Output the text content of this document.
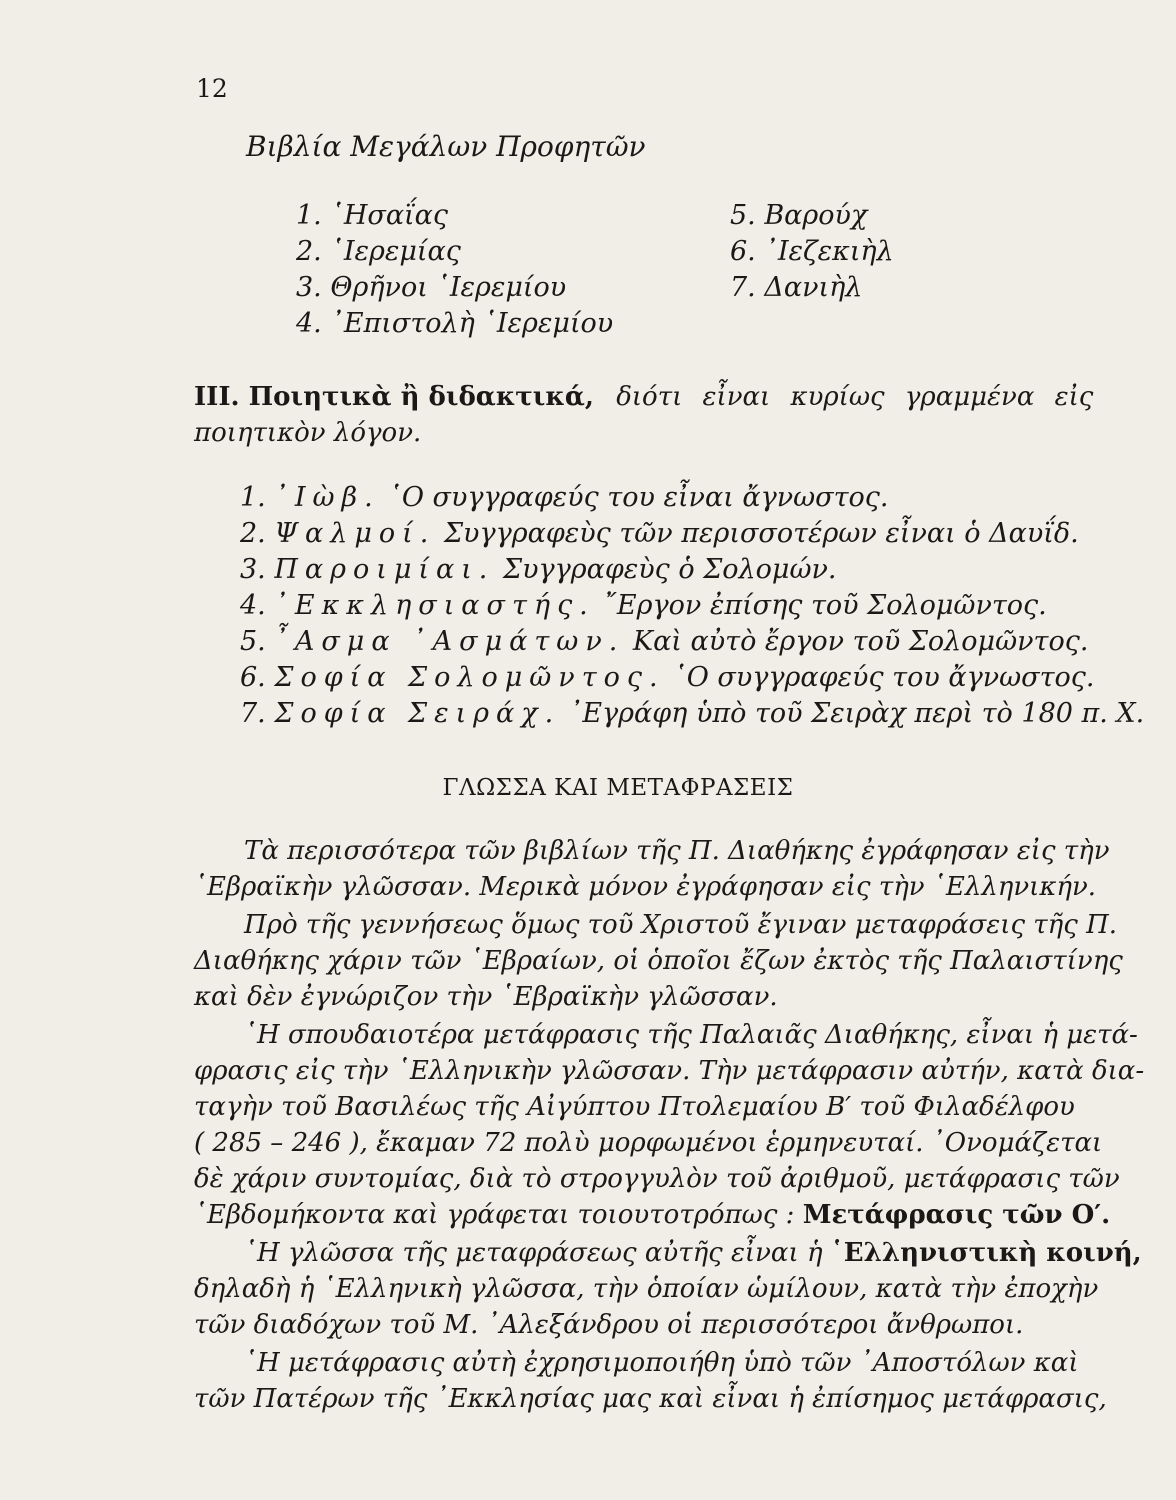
12
Βιβλία Μεγάλων Προφητῶν
1. ῾Ησαΐας
2. ῾Ιερεμίας
3. Θρῆνοι ῾Ιερεμίου
4. ᾿Επιστολὴ ῾Ιερεμίου
5. Βαρούχ
6. ᾿Ιεζεκιὴλ
7. Δανιὴλ
III. Ποιητικὰ ἢ διδακτικά, διότι εἶναι κυρίως γραμμένα εἰς
ποιητικὸν λόγον.
1. ᾿Ιὼβ. ῾Ο συγγραφεύς του εἶναι ἄγνωστος.
2. Ψαλμοί. Συγγραφεὺς τῶν περισσοτέρων εἶναι ὁ Δαυΐδ.
3. Παροιμίαι. Συγγραφεὺς ὁ Σολομών.
4. ᾿Εκκλησιαστής. ῎Εργον ἐπίσης τοῦ Σολομῶντος.
5. ῏Ασμα ᾿Ασμάτων. Καὶ αὐτὸ ἔργον τοῦ Σολομῶντος.
6. Σοφία Σολομῶντος. ῾Ο συγγραφεύς του ἄγνωστος.
7. Σοφία Σειράχ. ᾿Εγράφη ὑπὸ τοῦ Σειρὰχ περὶ τὸ 180 π. Χ.
ΓΛΩΣΣΑ ΚΑΙ ΜΕΤΑΦΡΑΣΕΙΣ
Τὰ περισσότερα τῶν βιβλίων τῆς Π. Διαθήκης ἐγράφησαν εἰς τὴν
῾Εβραϊκὴν γλῶσσαν. Μερικὰ μόνον ἐγράφησαν εἰς τὴν ῾Ελληνικήν.
Πρὸ τῆς γεννήσεως ὅμως τοῦ Χριστοῦ ἔγιναν μεταφράσεις τῆς Π.
Διαθήκης χάριν τῶν ῾Εβραίων, οἱ ὁποῖοι ἔζων ἐκτὸς τῆς Παλαιστίνης
καὶ δὲν ἐγνώριζον τὴν ῾Εβραϊκὴν γλῶσσαν.
῾Η σπουδαιοτέρα μετάφρασις τῆς Παλαιᾶς Διαθήκης, εἶναι ἡ μετά-
φρασις εἰς τὴν ῾Ελληνικὴν γλῶσσαν. Τὴν μετάφρασιν αὐτήν, κατὰ δια-
ταγὴν τοῦ Βασιλέως τῆς Αἰγύπτου Πτολεμαίου Β′ τοῦ Φιλαδέλφου
( 285 – 246 ), ἔκαμαν 72 πολὺ μορφωμένοι ἑρμηνευταί. ᾿Ονομάζεται
δὲ χάριν συντομίας, διὰ τὸ στρογγυλὸν τοῦ ἀριθμοῦ, μετάφρασις τῶν
῾Εβδομήκοντα καὶ γράφεται τοιουτοτρόπως : Μετάφρασις τῶν Ο′.
῾Η γλῶσσα τῆς μεταφράσεως αὐτῆς εἶναι ἡ ῾Ελληνιστικὴ κοινή,
δηλαδὴ ἡ ῾Ελληνικὴ γλῶσσα, τὴν ὁποίαν ὡμίλουν, κατὰ τὴν ἐποχὴν
τῶν διαδόχων τοῦ Μ. ᾿Αλεξάνδρου οἱ περισσότεροι ἄνθρωποι.
῾Η μετάφρασις αὐτὴ ἐχρησιμοποιήθη ὑπὸ τῶν ᾿Αποστόλων καὶ
τῶν Πατέρων τῆς ᾿Εκκλησίας μας καὶ εἶναι ἡ ἐπίσημος μετάφρασις,
